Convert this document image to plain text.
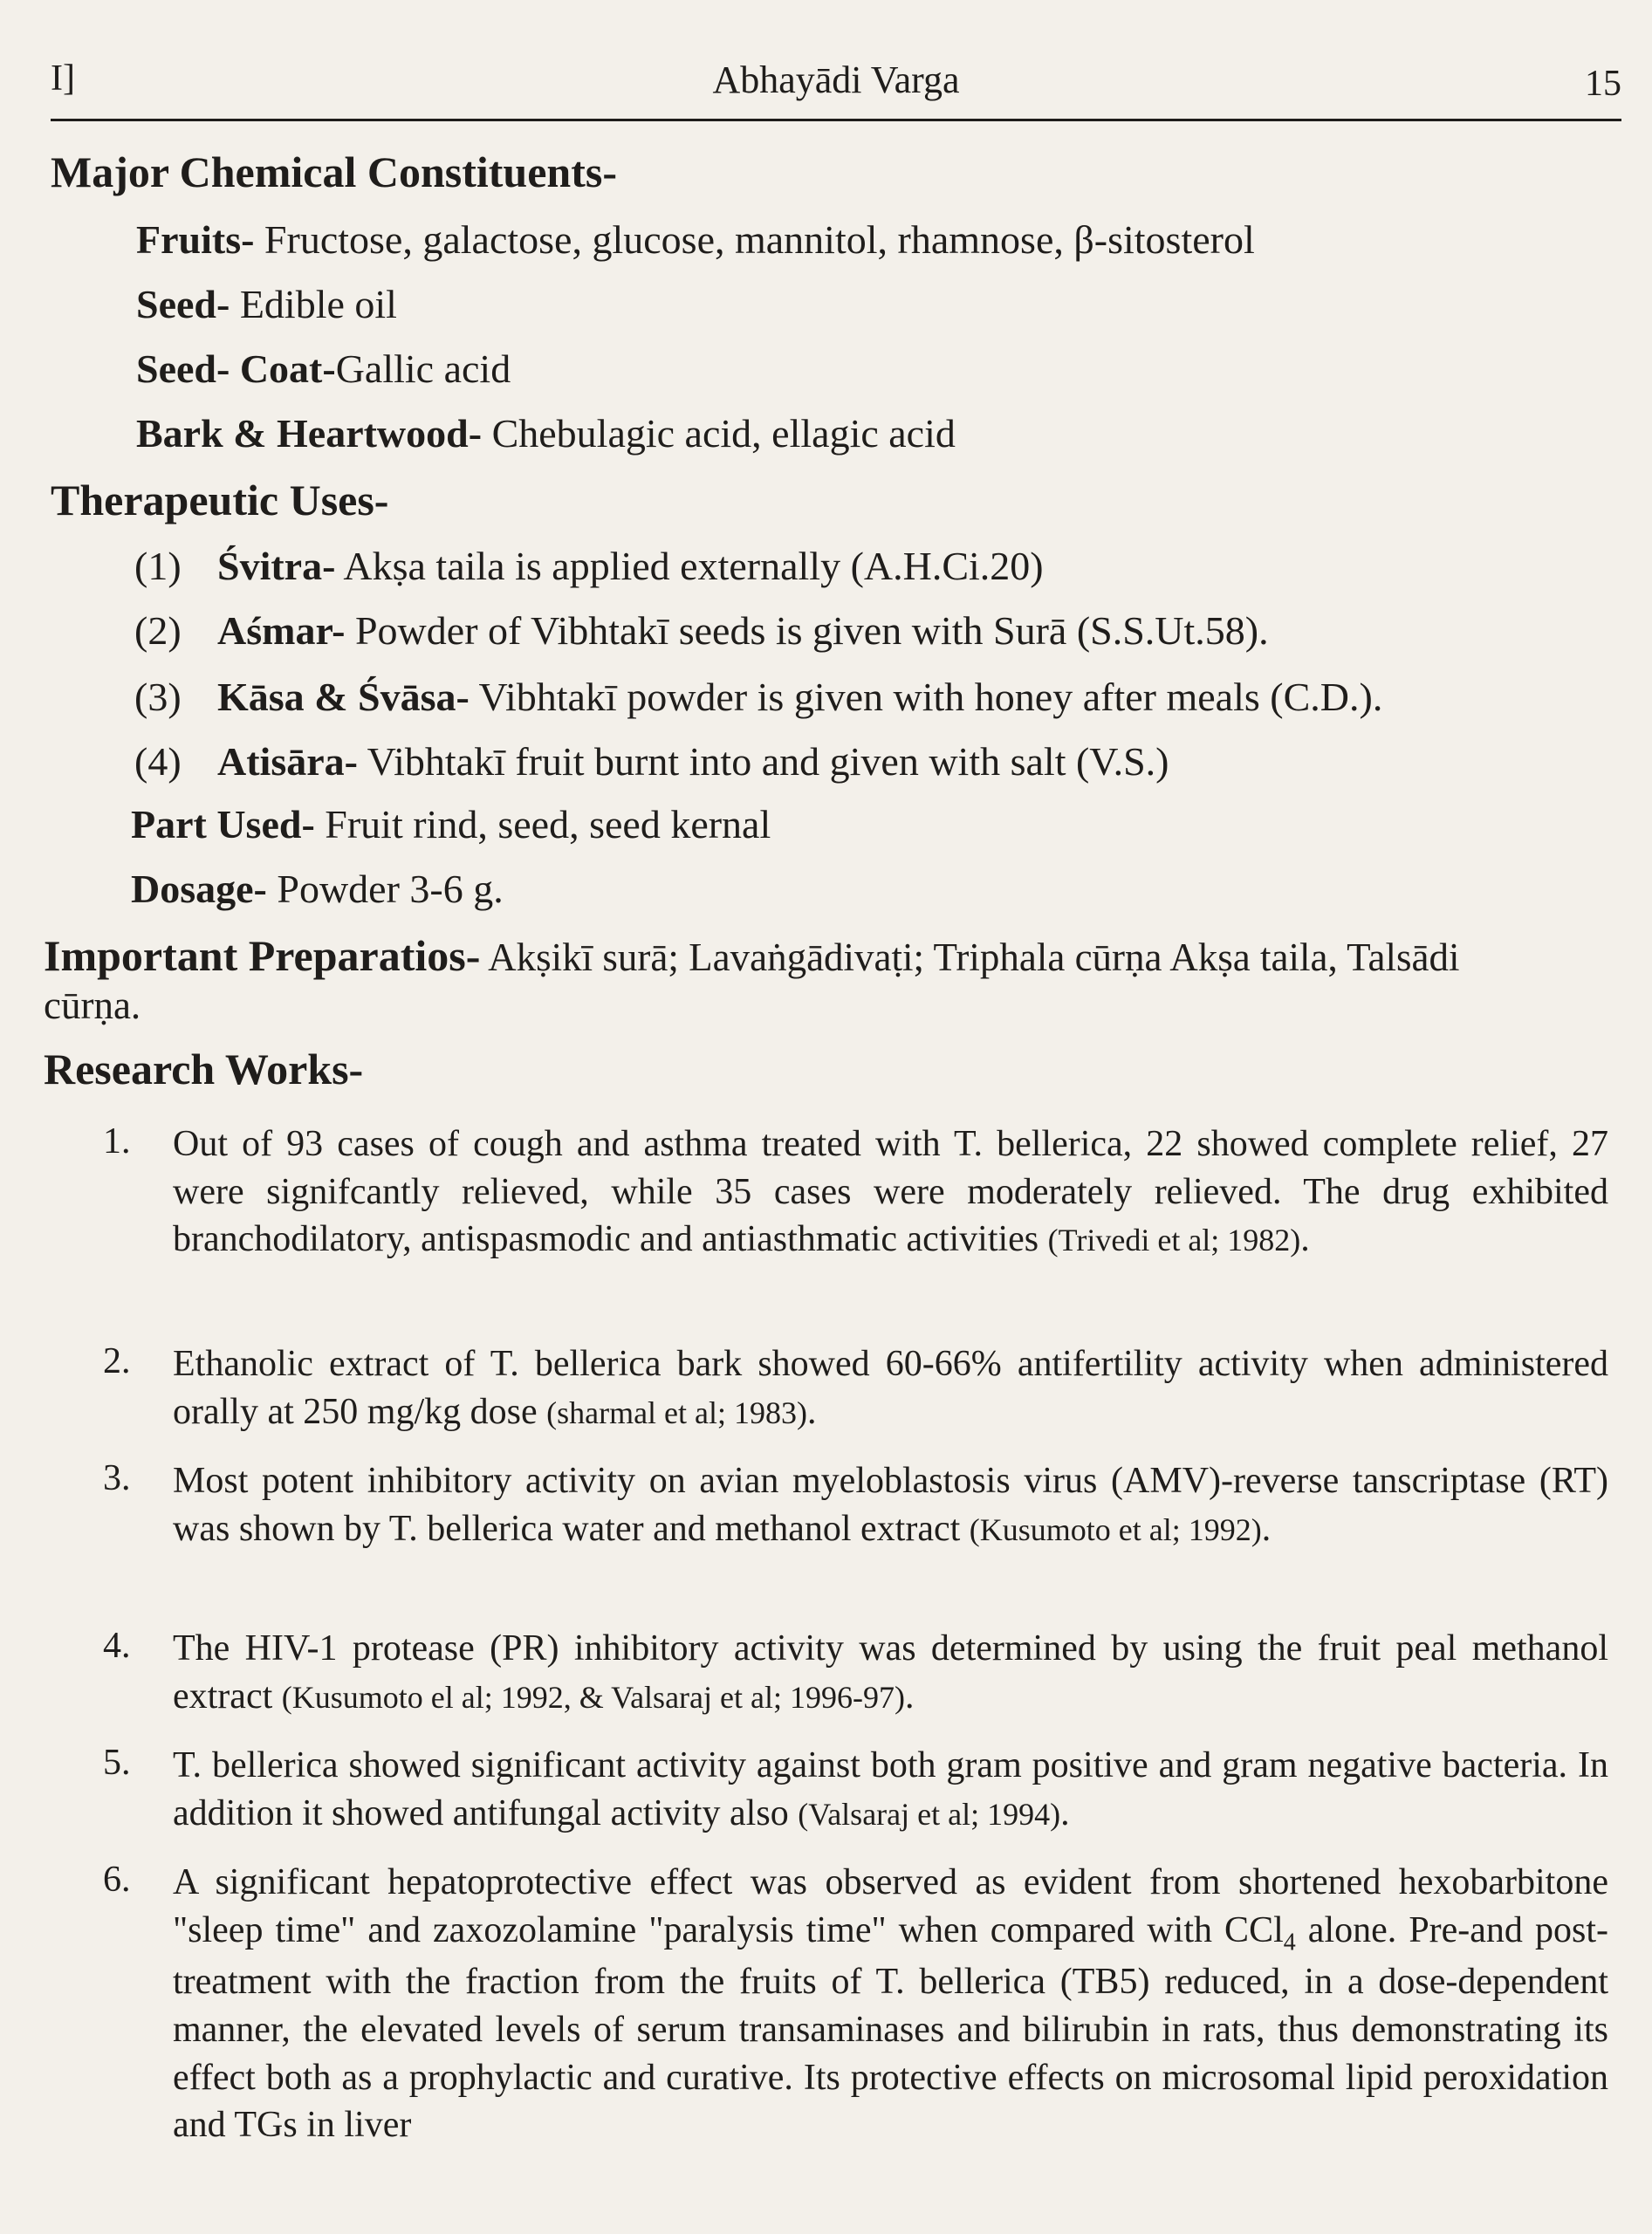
I]	Abhayādi Varga	15
Major Chemical Constituents-
Fruits- Fructose, galactose, glucose, mannitol, rhamnose, β-sitosterol
Seed- Edible oil
Seed- Coat-Gallic acid
Bark & Heartwood- Chebulagic acid, ellagic acid
Therapeutic Uses-
(1) Śvitra- Akṣa taila is applied externally (A.H.Ci.20)
(2) Aśmar- Powder of Vibhtakī seeds is given with Surā (S.S.Ut.58).
(3) Kāsa & Śvāsa- Vibhtakī powder is given with honey after meals (C.D.).
(4) Atisāra- Vibhtakī fruit burnt into and given with salt (V.S.)
Part Used- Fruit rind, seed, seed kernal
Dosage- Powder 3-6 g.
Important Preparatios- Akṣikī surā; Lavaṅgādivaṭi; Triphala cūrṇa Akṣa taila, Talsādi
cūrṇa.
Research Works-
1. Out of 93 cases of cough and asthma treated with T. bellerica, 22 showed complete relief, 27 were signifcantly relieved, while 35 cases were moderately relieved. The drug exhibited branchodilatory, antispasmodic and antiasthmatic activities (Trivedi et al; 1982).

2. Ethanolic extract of T. bellerica bark showed 60-66% antifertility activity when administered orally at 250 mg/kg dose (sharmal et al; 1983).

3. Most potent inhibitory activity on avian myeloblastosis virus (AMV)-reverse tanscriptase (RT) was shown by T. bellerica water and methanol extract (Kusumoto et al; 1992).

4. The HIV-1 protease (PR) inhibitory activity was determined by using the fruit peal methanol extract (Kusumoto el al; 1992, & Valsaraj et al; 1996-97).

5. T. bellerica showed significant activity against both gram positive and gram negative bacteria. In addition it showed antifungal activity also (Valsaraj et al; 1994).

6. A significant hepatoprotective effect was observed as evident from shortened hexobarbitone "sleep time" and zaxozolamine "paralysis time" when compared with CCl$_4$ alone. Pre-and post-treatment with the fraction from the fruits of T. bellerica (TB5) reduced, in a dose-dependent manner, the elevated levels of serum transaminases and bilirubin in rats, thus demonstrating its effect both as a prophylactic and curative. Its protective effects on microsomal lipid peroxidation and TGs in liver
